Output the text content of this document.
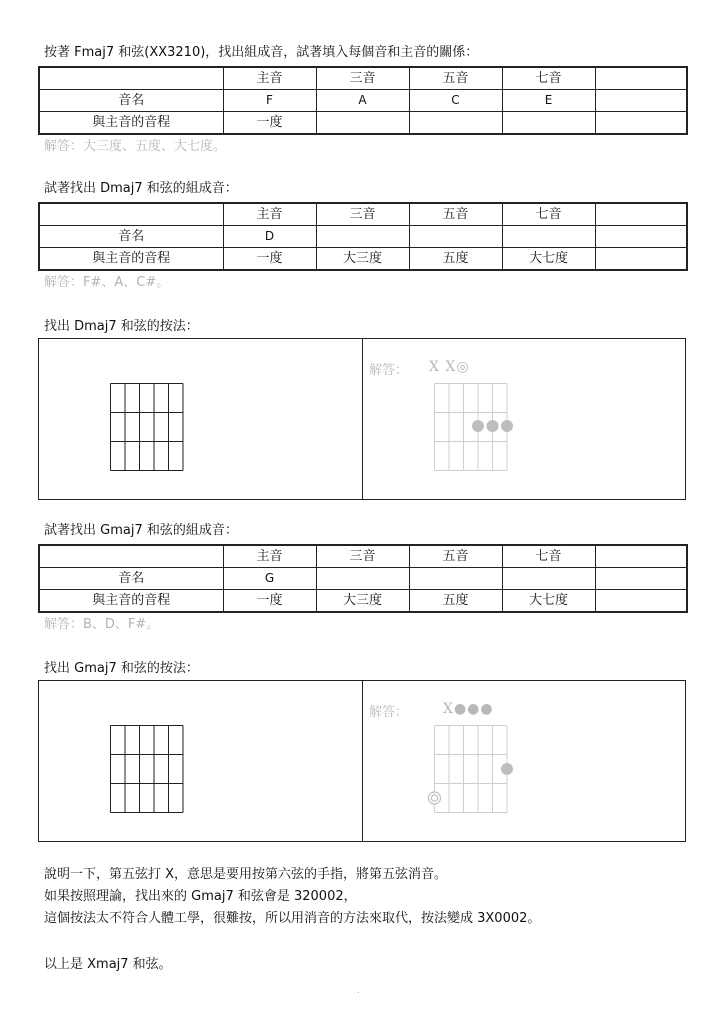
按著 Fmaj7 和弦(XX3210)，找出組成音，試著填入每個音和主音的關係：
	主音	三音	五音	七音	
音名	F	A	C	E	
與主音的音程	一度				
解答：大三度、五度、大七度。
試著找出 Dmaj7 和弦的組成音：
	主音	三音	五音	七音	
音名	D				
與主音的音程	一度	大三度	五度	大七度	
解答：F#、A、C#。
找出 Dmaj7 和弦的按法：
解答： X X◎
試著找出 Gmaj7 和弦的組成音：
	主音	三音	五音	七音	
音名	G				
與主音的音程	一度	大三度	五度	大七度	
解答：B、D、F#。
找出 Gmaj7 和弦的按法：
解答： X●●●
說明一下，第五弦打 X，意思是要用按第六弦的手指，將第五弦消音。
如果按照理論，找出來的 Gmaj7 和弦會是 320002，
這個按法太不符合人體工學，很難按，所以用消音的方法來取代，按法變成 3X0002。
以上是 Xmaj7 和弦。
.
